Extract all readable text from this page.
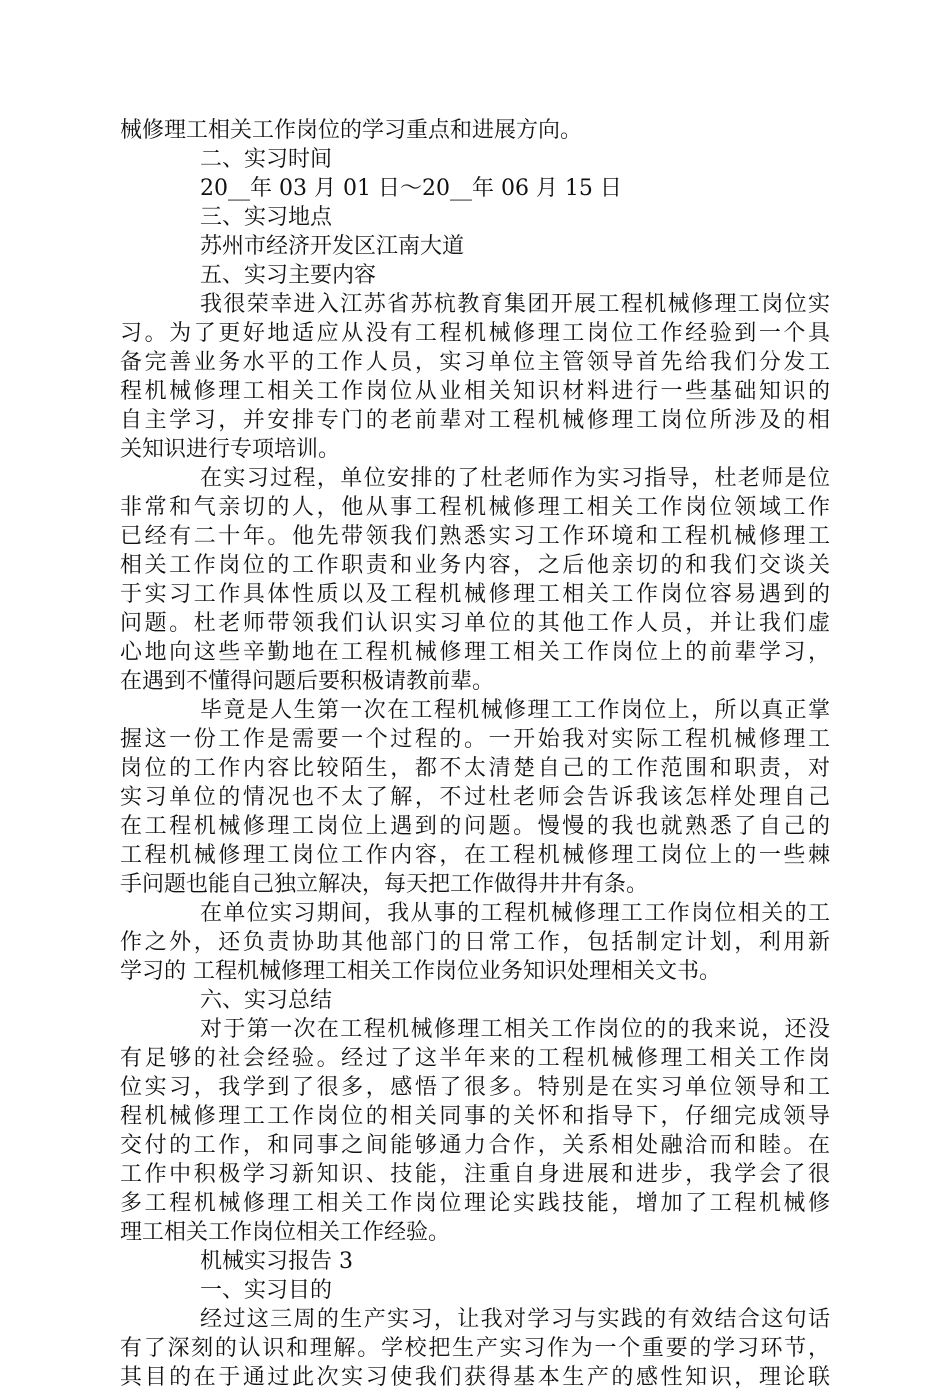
械修理工相关工作岗位的学习重点和进展方向。
二、实习时间
20__年 03 月 01 日～20__年 06 月 15 日
三、实习地点
苏州市经济开发区江南大道
五、实习主要内容
我很荣幸进入江苏省苏杭教育集团开展工程机械修理工岗位实
习。为了更好地适应从没有工程机械修理工岗位工作经验到一个具
备完善业务水平的工作人员，实习单位主管领导首先给我们分发工
程机械修理工相关工作岗位从业相关知识材料进行一些基础知识的
自主学习，并安排专门的老前辈对工程机械修理工岗位所涉及的相
关知识进行专项培训。
在实习过程，单位安排的了杜老师作为实习指导，杜老师是位
非常和气亲切的人，他从事工程机械修理工相关工作岗位领域工作
已经有二十年。他先带领我们熟悉实习工作环境和工程机械修理工
相关工作岗位的工作职责和业务内容，之后他亲切的和我们交谈关
于实习工作具体性质以及工程机械修理工相关工作岗位容易遇到的
问题。杜老师带领我们认识实习单位的其他工作人员，并让我们虚
心地向这些辛勤地在工程机械修理工相关工作岗位上的前辈学习，
在遇到不懂得问题后要积极请教前辈。
毕竟是人生第一次在工程机械修理工工作岗位上，所以真正掌
握这一份工作是需要一个过程的。一开始我对实际工程机械修理工
岗位的工作内容比较陌生，都不太清楚自己的工作范围和职责，对
实习单位的情况也不太了解，不过杜老师会告诉我该怎样处理自己
在工程机械修理工岗位上遇到的问题。慢慢的我也就熟悉了自己的
工程机械修理工岗位工作内容，在工程机械修理工岗位上的一些棘
手问题也能自己独立解决，每天把工作做得井井有条。
在单位实习期间，我从事的工程机械修理工工作岗位相关的工
作之外，还负责协助其他部门的日常工作，包括制定计划，利用新
学习的 工程机械修理工相关工作岗位业务知识处理相关文书。
六、实习总结
对于第一次在工程机械修理工相关工作岗位的的我来说，还没
有足够的社会经验。经过了这半年来的工程机械修理工相关工作岗
位实习，我学到了很多，感悟了很多。特别是在实习单位领导和工
程机械修理工工作岗位的相关同事的关怀和指导下，仔细完成领导
交付的工作，和同事之间能够通力合作，关系相处融洽而和睦。在
工作中积极学习新知识、技能，注重自身进展和进步，我学会了很
多工程机械修理工相关工作岗位理论实践技能，增加了工程机械修
理工相关工作岗位相关工作经验。
机械实习报告 3
一、实习目的
经过这三周的生产实习，让我对学习与实践的有效结合这句话
有了深刻的认识和理解。学校把生产实习作为一个重要的学习环节，
其目的在于通过此次实习使我们获得基本生产的感性知识，理论联
